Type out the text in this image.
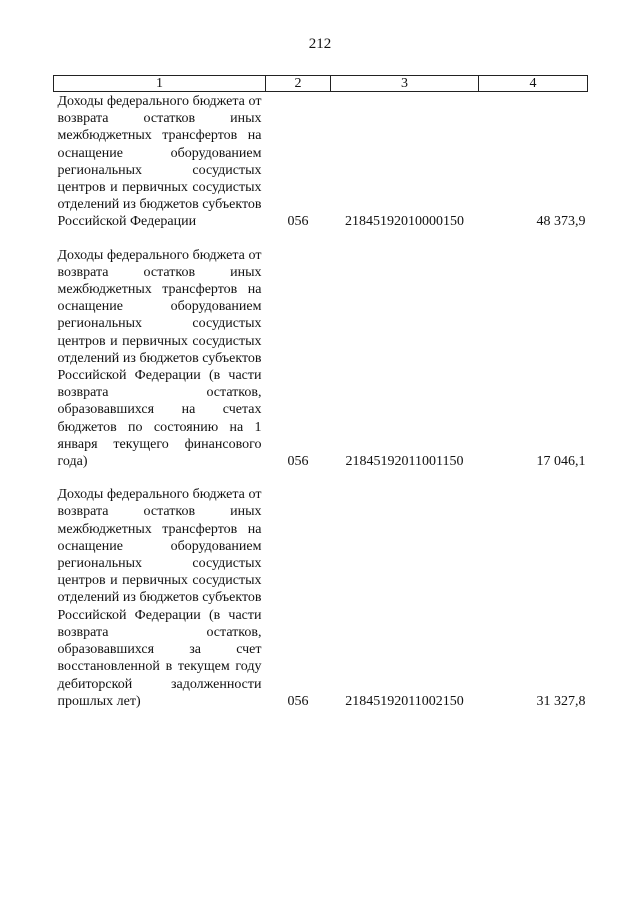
212
1	2	3	4

Доходы федерального бюджета от возврата остатков иных межбюджетных трансфертов на оснащение оборудованием региональных сосудистых центров и первичных сосудистых отделений из бюджетов субъектов Российской Федерации	056	21845192010000150	48 373,9

Доходы федерального бюджета от возврата остатков иных межбюджетных трансфертов на оснащение оборудованием региональных сосудистых центров и первичных сосудистых отделений из бюджетов субъектов Российской Федерации (в части возврата остатков, образовавшихся на счетах бюджетов по состоянию на 1 января текущего финансового года)	056	21845192011001150	17 046,1

Доходы федерального бюджета от возврата остатков иных межбюджетных трансфертов на оснащение оборудованием региональных сосудистых центров и первичных сосудистых отделений из бюджетов субъектов Российской Федерации (в части возврата остатков, образовавшихся за счет восстановленной в текущем году дебиторской задолженности прошлых лет)	056	21845192011002150	31 327,8
